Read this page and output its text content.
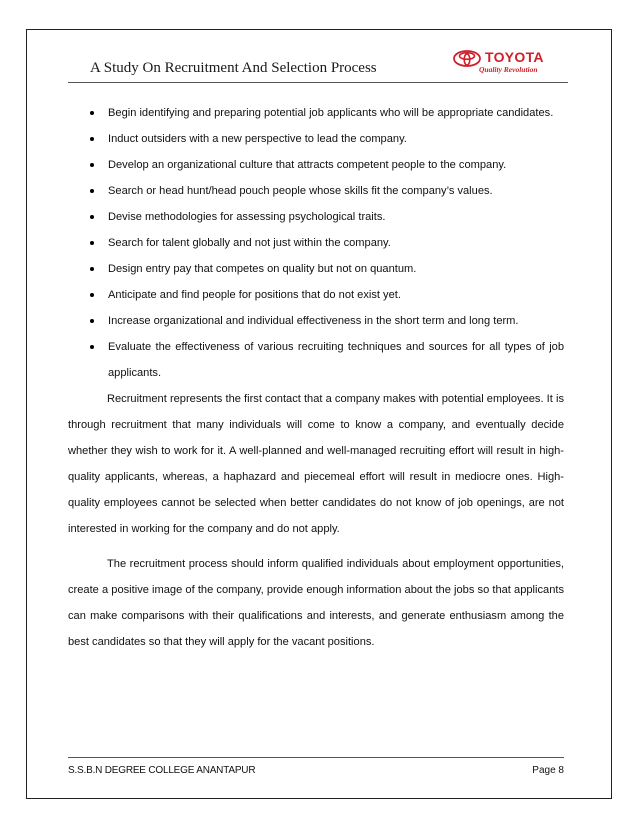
A Study On Recruitment And Selection Process
TOYOTA
Quality Revolution
Begin identifying and preparing potential job applicants who will be appropriate candidates.
Induct outsiders with a new perspective to lead the company.
Develop an organizational culture that attracts competent people to the company.
Search or head hunt/head pouch people whose skills fit the company’s values.
Devise methodologies for assessing psychological traits.
Search for talent globally and not just within the company.
Design entry pay that competes on quality but not on quantum.
Anticipate and find people for positions that do not exist yet.
Increase organizational and individual effectiveness in the short term and long term.
Evaluate the effectiveness of various recruiting techniques and sources for all types of job applicants.

Recruitment represents the first contact that a company makes with potential employees. It is through recruitment that many individuals will come to know a company, and eventually decide whether they wish to work for it. A well-planned and well-managed recruiting effort will result in high-quality applicants, whereas, a haphazard and piecemeal effort will result in mediocre ones. High-quality employees cannot be selected when better candidates do not know of job openings, are not interested in working for the company and do not apply.

The recruitment process should inform qualified individuals about employment opportunities, create a positive image of the company, provide enough information about the jobs so that applicants can make comparisons with their qualifications and interests, and generate enthusiasm among the best candidates so that they will apply for the vacant positions.

S.S.B.N DEGREE COLLEGE ANANTAPUR	Page 8
